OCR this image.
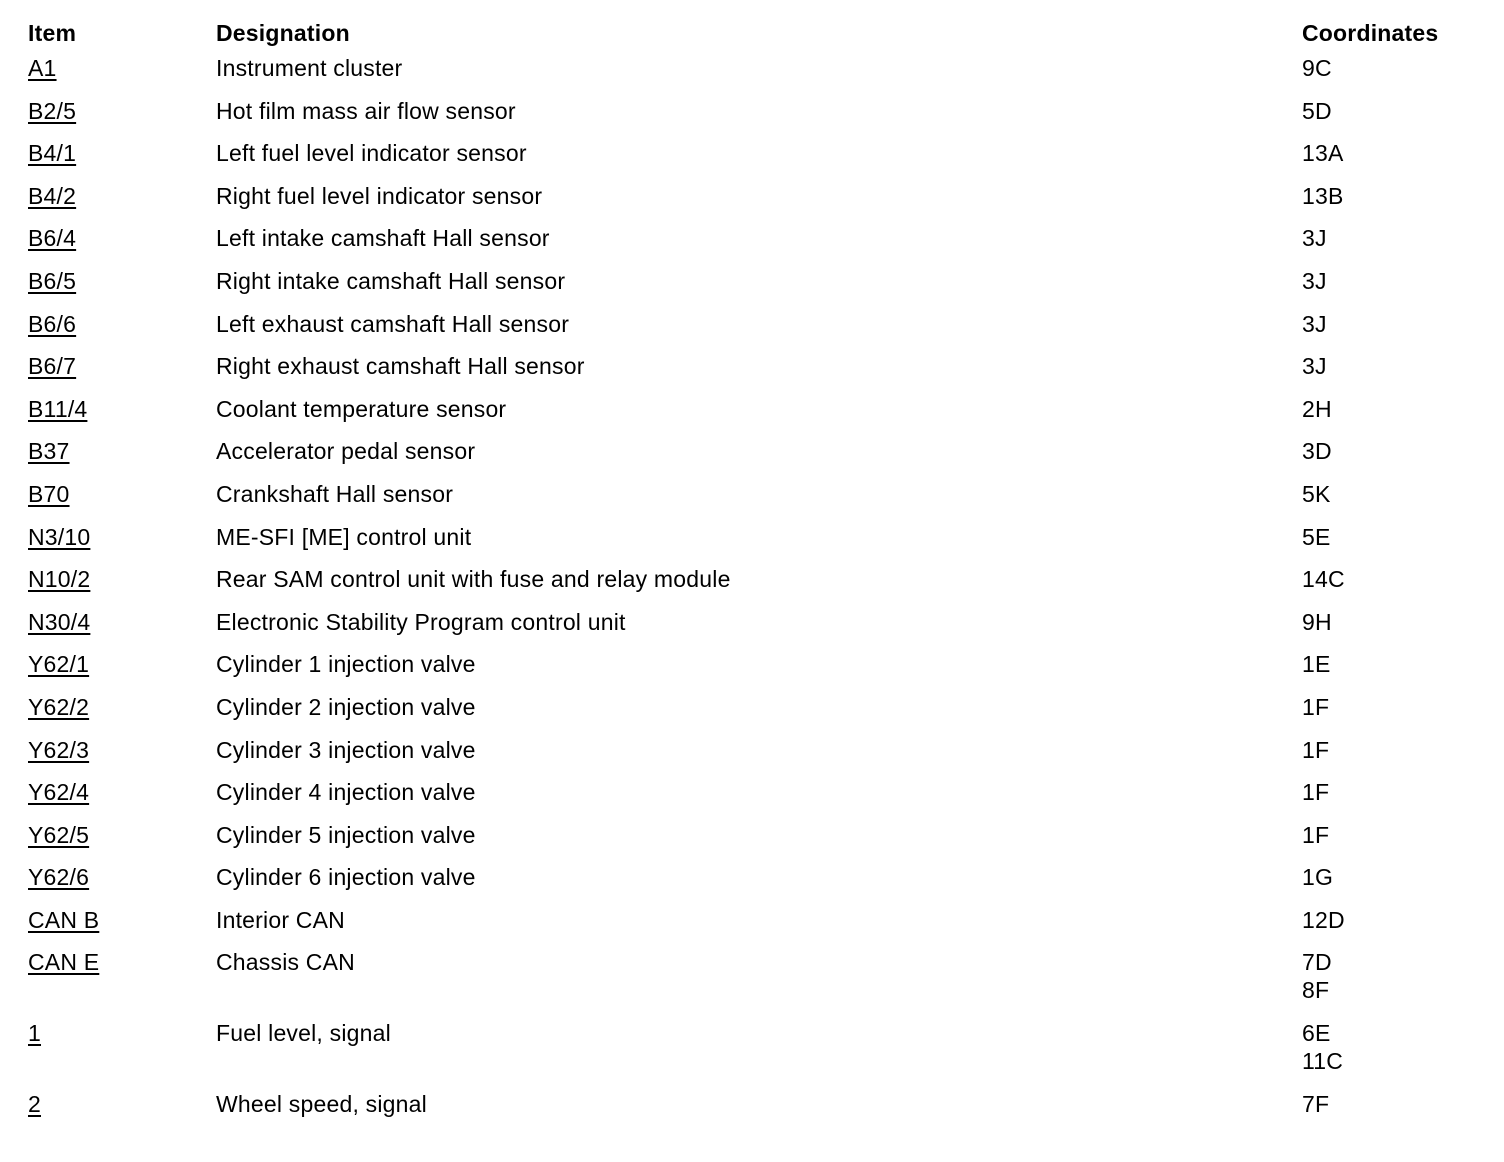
Item	Designation	Coordinates
A1	Instrument cluster	9C

B2/5	Hot film mass air flow sensor	5D

B4/1	Left fuel level indicator sensor	13A

B4/2	Right fuel level indicator sensor	13B

B6/4	Left intake camshaft Hall sensor	3J

B6/5	Right intake camshaft Hall sensor	3J

B6/6	Left exhaust camshaft Hall sensor	3J

B6/7	Right exhaust camshaft Hall sensor	3J

B11/4	Coolant temperature sensor	2H

B37	Accelerator pedal sensor	3D

B70	Crankshaft Hall sensor	5K

N3/10	ME-SFI [ME] control unit	5E

N10/2	Rear SAM control unit with fuse and relay module	14C

N30/4	Electronic Stability Program control unit	9H

Y62/1	Cylinder 1 injection valve	1E

Y62/2	Cylinder 2 injection valve	1F

Y62/3	Cylinder 3 injection valve	1F

Y62/4	Cylinder 4 injection valve	1F

Y62/5	Cylinder 5 injection valve	1F

Y62/6	Cylinder 6 injection valve	1G

CAN B	Interior CAN	12D

CAN E	Chassis CAN	7D
8F

1	Fuel level, signal	6E
11C

2	Wheel speed, signal	7F
